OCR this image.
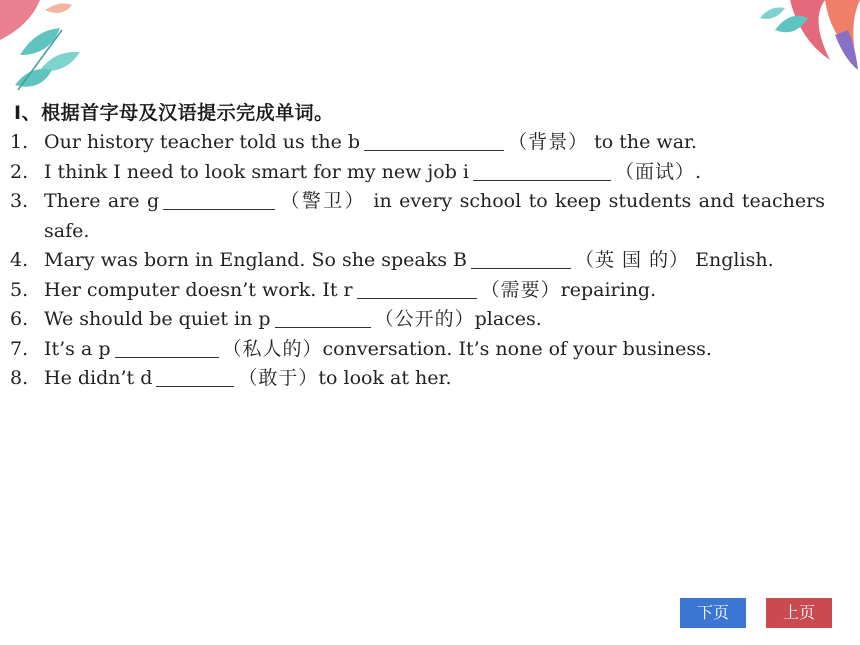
Ⅰ、根据首字母及汉语提示完成单词。
1. Our history teacher told us the b	（背景） to the war.
2. I think I need to look smart for my new job i	（面试）.
3. There are g	（警卫） in every school to keep students and teachers safe.
4. Mary was born in England. So she speaks B	（英 国 的） English.
5. Her computer doesn’t work. It r	（需要）repairing.
6. We should be quiet in p	（公开的）places.
7. It’s a p	（私人的）conversation. It’s none of your business.
8. He didn’t d	（敢于）to look at her.
下页	上页
